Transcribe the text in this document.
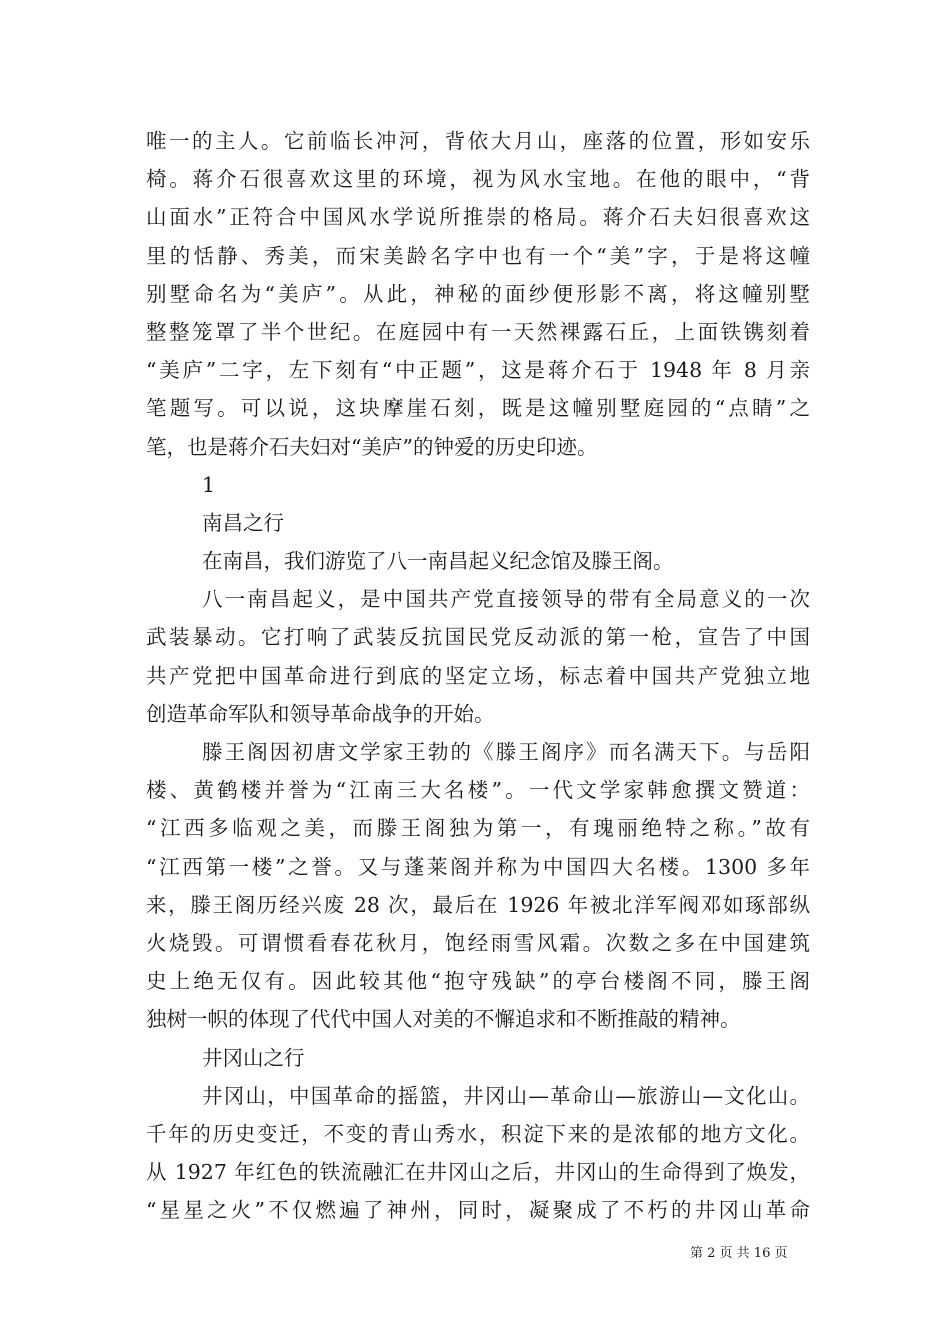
唯一的主人。它前临长冲河，背依大月山，座落的位置，形如安乐
椅。蒋介石很喜欢这里的环境，视为风水宝地。在他的眼中，“背
山面水”正符合中国风水学说所推崇的格局。蒋介石夫妇很喜欢这
里的恬静、秀美，而宋美龄名字中也有一个“美”字，于是将这幢
别墅命名为“美庐”。从此，神秘的面纱便形影不离，将这幢别墅
整整笼罩了半个世纪。在庭园中有一天然裸露石丘，上面铁镌刻着
“美庐”二字，左下刻有“中正题”，这是蒋介石于 1948 年 8 月亲
笔题写。可以说，这块摩崖石刻，既是这幢别墅庭园的“点睛”之
笔，也是蒋介石夫妇对“美庐”的钟爱的历史印迹。
1
南昌之行
在南昌，我们游览了八一南昌起义纪念馆及滕王阁。
八一南昌起义，是中国共产党直接领导的带有全局意义的一次
武装暴动。它打响了武装反抗国民党反动派的第一枪，宣告了中国
共产党把中国革命进行到底的坚定立场，标志着中国共产党独立地
创造革命军队和领导革命战争的开始。
滕王阁因初唐文学家王勃的《滕王阁序》而名满天下。与岳阳
楼、黄鹤楼并誉为“江南三大名楼”。一代文学家韩愈撰文赞道：
“江西多临观之美，而滕王阁独为第一，有瑰丽绝特之称。”故有
“江西第一楼”之誉。又与蓬莱阁并称为中国四大名楼。1300 多年
来，滕王阁历经兴废 28 次，最后在 1926 年被北洋军阀邓如琢部纵
火烧毁。可谓惯看春花秋月，饱经雨雪风霜。次数之多在中国建筑
史上绝无仅有。因此较其他“抱守残缺”的亭台楼阁不同，滕王阁
独树一帜的体现了代代中国人对美的不懈追求和不断推敲的精神。
井冈山之行
井冈山，中国革命的摇篮，井冈山—革命山—旅游山—文化山。
千年的历史变迁，不变的青山秀水，积淀下来的是浓郁的地方文化。
从 1927 年红色的铁流融汇在井冈山之后，井冈山的生命得到了焕发，
“星星之火”不仅燃遍了神州，同时，凝聚成了不朽的井冈山革命
第 2 页 共 16 页
